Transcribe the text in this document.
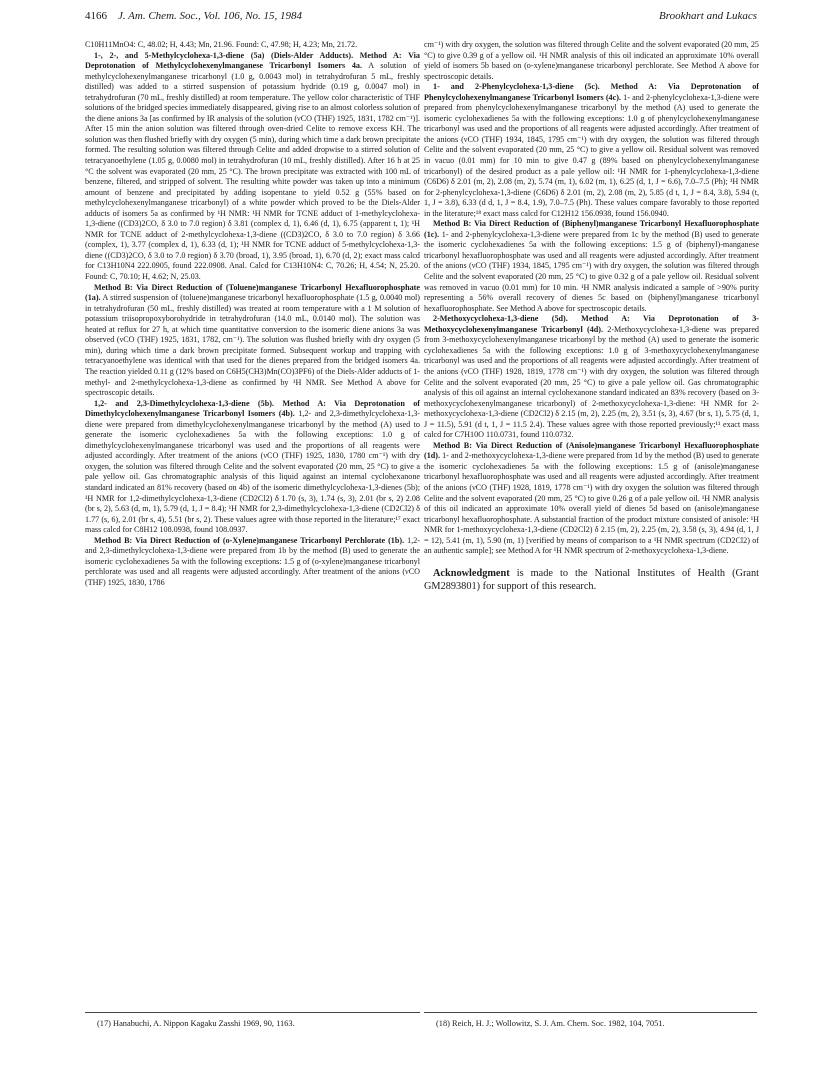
4166 J. Am. Chem. Soc., Vol. 106, No. 15, 1984	Brookhart and Lukacs

C10H11MnO4: C, 48.02; H, 4.43; Mn, 21.96. Found: C, 47.98; H, 4.23; Mn, 21.72.

1-, 2-, and 5-Methylcyclohexa-1,3-diene (5a) (Diels-Alder Adducts). Method A: Via Deprotonation of Methylcyclohexenylmanganese Tricarbonyl Isomers 4a. A solution of methylcyclohexenylmanganese tricarbonyl (1.0 g, 0.0043 mol) in tetrahydrofuran 5 mL, freshly distilled) was added to a stirred suspension of potassium hydride (0.19 g, 0.0047 mol) in tetrahydrofuran (70 mL, freshly distilled) at room temperature. The yellow color characteristic of THF solutions of the bridged species immediately disappeared, giving rise to an almost colorless solution of the diene anions 3a [as confirmed by IR analysis of the solution (νCO (THF) 1925, 1831, 1782 cm⁻¹)]. After 15 min the anion solution was filtered through oven-dried Celite to remove excess KH. The solution was then flushed briefly with dry oxygen (5 min), during which time a dark brown precipitate formed. The resulting solution was filtered through Celite and added dropwise to a stirred solution of tetracyanoethylene (1.05 g, 0.0080 mol) in tetrahydrofuran (10 mL, freshly distilled). After 16 h at 25 °C the solvent was evaporated (20 mm, 25 °C). The brown precipitate was extracted with 100 mL of benzene, filtered, and stripped of solvent. The resulting white powder was taken up into a minimum amount of benzene and precipitated by adding isopentane to yield 0.52 g (55% based on methylcyclohexenylmanganese tricarbonyl) of a white powder which proved to be the Diels-Alder adducts of isomers 5a as confirmed by ¹H NMR: ¹H NMR for TCNE adduct of 1-methylcyclohexa-1,3-diene ((CD3)2CO, δ 3.0 to 7.0 region) δ 3.81 (complex d, 1), 6.46 (d, 1), 6.75 (apparent t, 1); ¹H NMR for TCNE adduct of 2-methylcyclohexa-1,3-diene ((CD3)2CO, δ 3.0 to 7.0 region) δ 3.66 (complex, 1), 3.77 (complex d, 1), 6.33 (d, 1); ¹H NMR for TCNE adduct of 5-methylcyclohexa-1,3-diene ((CD3)2CO, δ 3.0 to 7.0 region) δ 3.70 (broad, 1), 3.95 (broad, 1), 6.70 (d, 2); exact mass calcd for C13H10N4 222.0905, found 222.0908. Anal. Calcd for C13H10N4: C, 70.26; H, 4.54; N, 25.20. Found: C, 70.10; H, 4.62; N, 25.03.

Method B: Via Direct Reduction of (Toluene)manganese Tricarbonyl Hexafluorophosphate (1a). A stirred suspension of (toluene)manganese tricarbonyl hexafluorophosphate (1.5 g, 0.0040 mol) in tetrahydrofuran (50 mL, freshly distilled) was treated at room temperature with a 1 M solution of potassium triisopropoxyborohydride in tetrahydrofuran (14.0 mL, 0.0140 mol). The solution was heated at reflux for 27 h, at which time quantitative conversion to the isomeric diene anions 3a was observed (νCO (THF) 1925, 1831, 1782, cm⁻¹). The solution was flushed briefly with dry oxygen (5 min), during which time a dark brown precipitate formed. Subsequent workup and trapping with tetracyanoethylene was identical with that used for the dienes prepared from the bridged isomers 4a. The reaction yielded 0.11 g (12% based on C6H5(CH3)Mn(CO)3PF6) of the Diels-Alder adducts of 1-methyl- and 2-methylcyclohexa-1,3-diene as confirmed by ¹H NMR. See Method A above for spectroscopic details.

1,2- and 2,3-Dimethylcyclohexa-1,3-diene (5b). Method A: Via Deprotonation of Dimethylcyclohexenylmanganese Tricarbonyl Isomers (4b). 1,2- and 2,3-dimethylcyclohexa-1,3-diene were prepared from dimethylcyclohexenylmanganese tricarbonyl by the method (A) used to generate the isomeric cyclohexadienes 5a with the following exceptions: 1.0 g of dimethylcyclohexenylmanganese tricarbonyl was used and the proportions of all reagents were adjusted accordingly. After treatment of the anions (νCO (THF) 1925, 1830, 1780 cm⁻¹) with dry oxygen, the solution was filtered through Celite and the solvent evaporated (20 mm, 25 °C) to give a pale yellow oil. Gas chromatographic analysis of this liquid against an internal cyclohexanone standard indicated an 81% recovery (based on 4b) of the isomeric dimethylcyclohexa-1,3-dienes (5b); ¹H NMR for 1,2-dimethylcyclohexa-1,3-diene (CD2Cl2) δ 1.70 (s, 3), 1.74 (s, 3), 2.01 (br s, 2) 2.08 (br s, 2), 5.63 (d, m, 1), 5.79 (d, 1, J = 8.4); ¹H NMR for 2,3-dimethylcyclohexa-1,3-diene (CD2Cl2) δ 1.77 (s, 6), 2.01 (br s, 4), 5.51 (br s, 2). These values agree with those reported in the literature;¹⁷ exact mass calcd for C8H12 108.0938, found 108.0937.

Method B: Via Direct Reduction of (o-Xylene)manganese Tricarbonyl Perchlorate (1b). 1,2- and 2,3-dimethylcyclohexa-1,3-diene were prepared from 1b by the method (B) used to generate the isomeric cyclohexadienes 5a with the following exceptions: 1.5 g of (o-xylene)manganese tricarbonyl perchlorate was used and all reagents were adjusted accordingly. After treatment of the anions (νCO (THF) 1925, 1830, 1786

cm⁻¹) with dry oxygen, the solution was filtered through Celite and the solvent evaporated (20 mm, 25 °C) to give 0.39 g of a yellow oil. ¹H NMR analysis of this oil indicated an approximate 10% overall yield of isomers 5b based on (o-xylene)manganese tricarbonyl perchlorate. See Method A above for spectroscopic details.

1- and 2-Phenylcyclohexa-1,3-diene (5c). Method A: Via Deprotonation of Phenylcyclohexenylmanganese Tricarbonyl Isomers (4c). 1- and 2-phenylcyclohexa-1,3-diene were prepared from phenylcyclohexenylmanganese tricarbonyl by the method (A) used to generate the isomeric cyclohexadienes 5a with the following exceptions: 1.0 g of phenylcyclohexenylmanganese tricarbonyl was used and the proportions of all reagents were adjusted accordingly. After treatment of the anions (νCO (THF) 1934, 1845, 1795 cm⁻¹) with dry oxygen, the solution was filtered through Celite and the solvent evaporated (20 mm, 25 °C) to give a yellow oil. Residual solvent was removed in vacuo (0.01 mm) for 10 min to give 0.47 g (89% based on phenylcyclohexenylmanganese tricarbonyl) of the desired product as a pale yellow oil: ¹H NMR for 1-phenylcyclohexa-1,3-diene (C6D6) δ 2.01 (m, 2), 2.08 (m, 2), 5.74 (m, 1), 6.02 (m, 1), 6.25 (d, 1, J = 6.6), 7.0–7.5 (Ph); ¹H NMR for 2-phenylcyclohexa-1,3-diene (C6D6) δ 2.01 (m, 2), 2.08 (m, 2), 5.85 (d t, 1, J = 8.4, 3.8), 5.94 (t, 1, J = 3.8), 6.33 (d d, 1, J = 8.4, 1.9), 7.0–7.5 (Ph). These values compare favorably to those reported in the literature;¹⁸ exact mass calcd for C12H12 156.0938, found 156.0940.

Method B: Via Direct Reduction of (Biphenyl)manganese Tricarbonyl Hexafluorophosphate (1c). 1- and 2-phenylcyclohexa-1,3-diene were prepared from 1c by the method (B) used to generate the isomeric cyclohexadienes 5a with the following exceptions: 1.5 g of (biphenyl)-manganese tricarbonyl hexafluorophosphate was used and all reagents were adjusted accordingly. After treatment of the anions (νCO (THF) 1934, 1845, 1795 cm⁻¹) with dry oxygen, the solution was filtered through Celite and the solvent evaporated (20 mm, 25 °C) to give 0.32 g of a pale yellow oil. Residual solvent was removed in vacuo (0.01 mm) for 10 min. ¹H NMR analysis indicated a sample of >90% purity representing a 56% overall recovery of dienes 5c based on (biphenyl)manganese tricarbonyl hexafluorophosphate. See Method A above for spectroscopic details.

2-Methoxycyclohexa-1,3-diene (5d). Method A: Via Deprotonation of 3-Methoxycyclohexenylmanganese Tricarbonyl (4d). 2-Methoxycyclohexa-1,3-diene was prepared from 3-methoxycyclohexenylmanganese tricarbonyl by the method (A) used to generate the isomeric cyclohexadienes 5a with the following exceptions: 1.0 g of 3-methoxycyclohexenylmanganese tricarbonyl was used and the proportions of all reagents were adjusted accordingly. After treatment of the anions (νCO (THF) 1928, 1819, 1778 cm⁻¹) with dry oxygen, the solution was filtered through Celite and the solvent evaporated (20 mm, 25 °C) to give a pale yellow oil. Gas chromatographic analysis of this oil against an internal cyclohexanone standard indicated an 83% recovery (based on 3-methoxycyclohexenylmanganese tricarbonyl) of 2-methoxycyclohexa-1,3-diene: ¹H NMR for 2-methoxycyclohexa-1,3-diene (CD2Cl2) δ 2.15 (m, 2), 2.25 (m, 2), 3.51 (s, 3), 4.67 (br s, 1), 5.75 (d, 1, J = 11.5), 5.91 (d t, 1, J = 11.5 2.4). These values agree with those reported previously;¹¹ exact mass calcd for C7H10O 110.0731, found 110.0732.

Method B: Via Direct Reduction of (Anisole)manganese Tricarbonyl Hexafluorophosphate (1d). 1- and 2-methoxycyclohexa-1,3-diene were prepared from 1d by the method (B) used to generate the isomeric cyclohexadienes 5a with the following exceptions: 1.5 g of (anisole)manganese tricarbonyl hexafluorophosphate was used and all reagents were adjusted accordingly. After treatment of the anions (νCO (THF) 1928, 1819, 1778 cm⁻¹) with dry oxygen the solution was filtered through Celite and the solvent evaporated (20 mm, 25 °C) to give 0.26 g of a pale yellow oil. ¹H NMR analysis of this oil indicated an approximate 10% overall yield of dienes 5d based on (anisole)manganese tricarbonyl hexafluorophosphate. A substantial fraction of the product mixture consisted of anisole: ¹H NMR for 1-methoxycyclohexa-1,3-diene (CD2Cl2) δ 2.15 (m, 2), 2.25 (m, 2), 3.58 (s, 3), 4.94 (d, 1, J = 12), 5.41 (m, 1), 5.90 (m, 1) [verified by means of comparison to a ¹H NMR spectrum (CD2Cl2) of an authentic sample]; see Method A for ¹H NMR spectrum of 2-methoxycyclohexa-1,3-diene.

Acknowledgment is made to the National Institutes of Health (Grant GM2893801) for support of this research.

(17) Hanabuchi, A. Nippon Kagaku Zasshi 1969, 90, 1163.	(18) Reich, H. J.; Wollowitz, S. J. Am. Chem. Soc. 1982, 104, 7051.
